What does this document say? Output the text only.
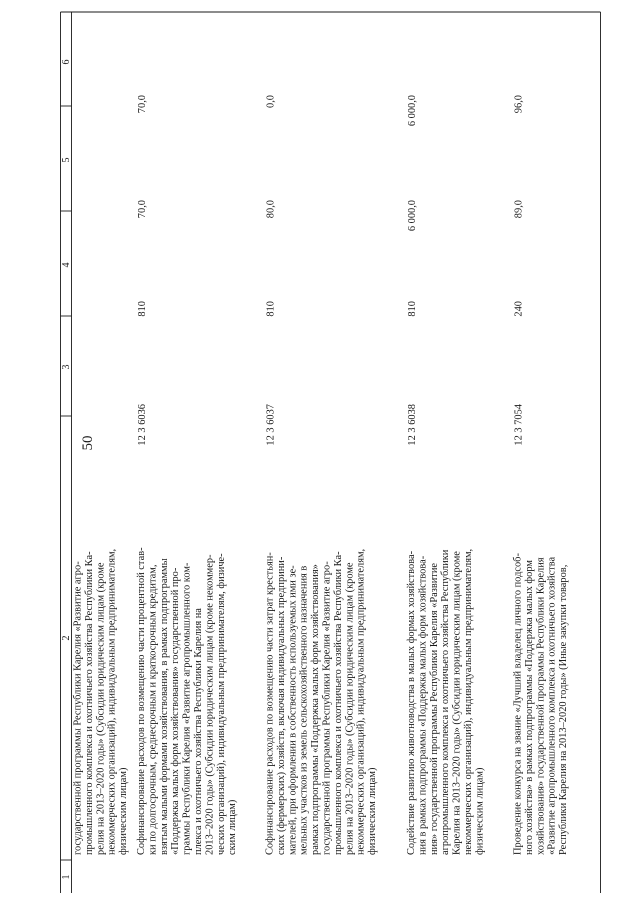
50
6
5
4
3
2
1
государственной программы Республики Карелия «Развитие агро- промышленного комплекса и охотничьего хозяйства Республики Ка- релия на 2013–2020 годы» (Субсидии юридическим лицам (кроме некоммерческих организаций), индивидуальным предпринимателям, физическим лицам) Софинансирование расходов по возмещению части процентной став- ки по долгосрочным, среднесрочным и краткосрочным кредитам, взятым малыми формами хозяйствования, в рамках подпрограммы «Поддержка малых форм хозяйствования» государственной про- граммы Республики Карелия «Развитие агропромышленного ком- плекса и охотничьего хозяйства Республики Карелия на 2013–2020 годы» (Субсидии юридическим лицам (кроме некоммер- ческих организаций), индивидуальным предпринимателям, физиче- ским лицам)
12 3 6036
810
70,0
70,0
Софинансирование расходов по возмещению части затрат крестьян- ских (фермерских) хозяйств, включая индивидуальных предприни- мателей, при оформлении в собственность используемых ими зе- мельных участков из земель сельскохозяйственного назначения в рамках подпрограммы «Поддержка малых форм хозяйствования» государственной программы Республики Карелия «Развитие агро- промышленного комплекса и охотничьего хозяйства Республики Ка- релия на 2013–2020 годы» (Субсидии юридическим лицам (кроме некоммерческих организаций), индивидуальным предпринимателям, физическим лицам)
12 3 6037
810
80,0
0,0
Содействие развитию животноводства в малых формах хозяйствова- ния в рамках подпрограммы «Поддержка малых форм хозяйствова- ния» государственной программы Республики Карелия «Развитие агропромышленного комплекса и охотничьего хозяйства Республики Карелия на 2013–2020 годы» (Субсидии юридическим лицам (кроме некоммерческих организаций), индивидуальным предпринимателям, физическим лицам)
12 3 6038
810
6 000,0
6 000,0
Проведение конкурса на звание «Лучший владелец личного подсоб- ного хозяйства» в рамках подпрограммы «Поддержка малых форм хозяйствования» государственной программы Республики Карелия «Развитие агропромышленного комплекса и охотничьего хозяйства Республики Карелия на 2013–2020 годы» (Иные закупки товаров,
12 3 7054
240
89,0
96,0
